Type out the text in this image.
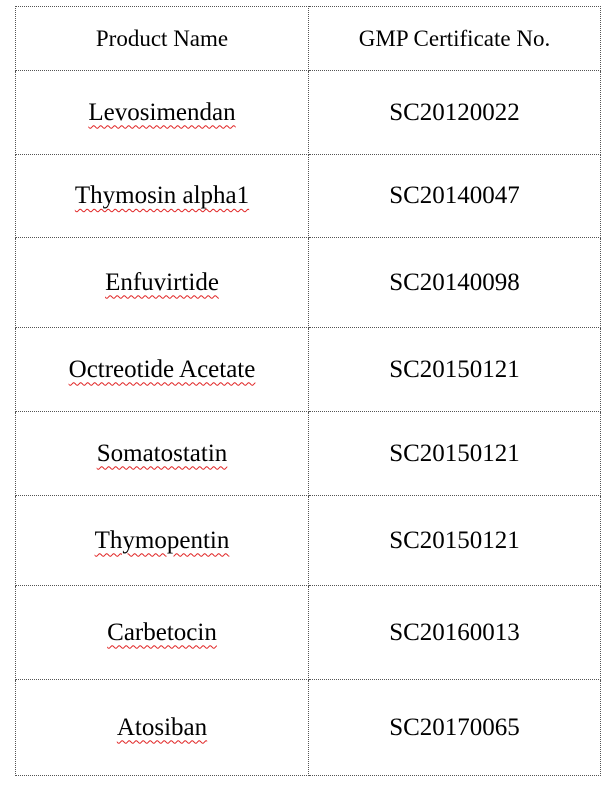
Product Name	GMP Certificate No.
Levosimendan	SC20120022
Thymosin alpha1	SC20140047
Enfuvirtide	SC20140098
Octreotide Acetate	SC20150121
Somatostatin	SC20150121
Thymopentin	SC20150121
Carbetocin	SC20160013
Atosiban	SC20170065
